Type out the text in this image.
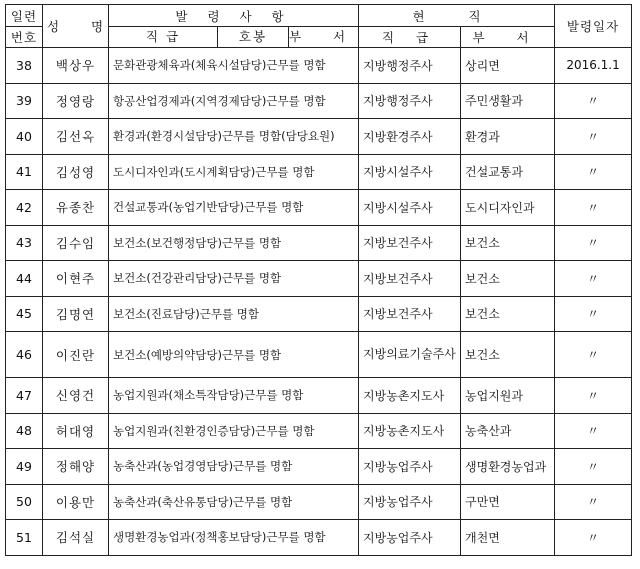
일련	성 명	발 령 사 항	현 직		발령일자
번호		직 급 호봉 부 서	직 급	부 서	
38	백상우	문화관광체육과(체육시설담당)근무를 명함	지방행정주사	상리면	2016.1.1
39	정영랑	항공산업경제과(지역경제담당)근무를 명함	지방행정주사	주민생활과	〃
40	김선옥	환경과(환경시설담당)근무를 명함(담당요원)	지방환경주사	환경과	〃
41	김성영	도시디자인과(도시계획담당)근무를 명함	지방시설주사	건설교통과	〃
42	유종찬	건설교통과(농업기반담당)근무를 명함	지방시설주사	도시디자인과	〃
43	김수임	보건소(보건행정담당)근무를 명함	지방보건주사	보건소	〃
44	이현주	보건소(건강관리담당)근무를 명함	지방보건주사	보건소	〃
45	김명연	보건소(진료담당)근무를 명함	지방보건주사	보건소	〃
46	이진란	보건소(예방의약담당)근무를 명함	지방의료기술주사	보건소	〃
47	신영건	농업지원과(채소특작담당)근무를 명함	지방농촌지도사	농업지원과	〃
48	허대영	농업지원과(친환경인증담당)근무를 명함	지방농촌지도사	농축산과	〃
49	정해양	농축산과(농업경영담당)근무를 명함	지방농업주사	생명환경농업과	〃
50	이용만	농축산과(축산유통담당)근무를 명함	지방농업주사	구만면	〃
51	김석실	생명환경농업과(정책홍보담당)근무를 명함	지방농업주사	개천면	〃
